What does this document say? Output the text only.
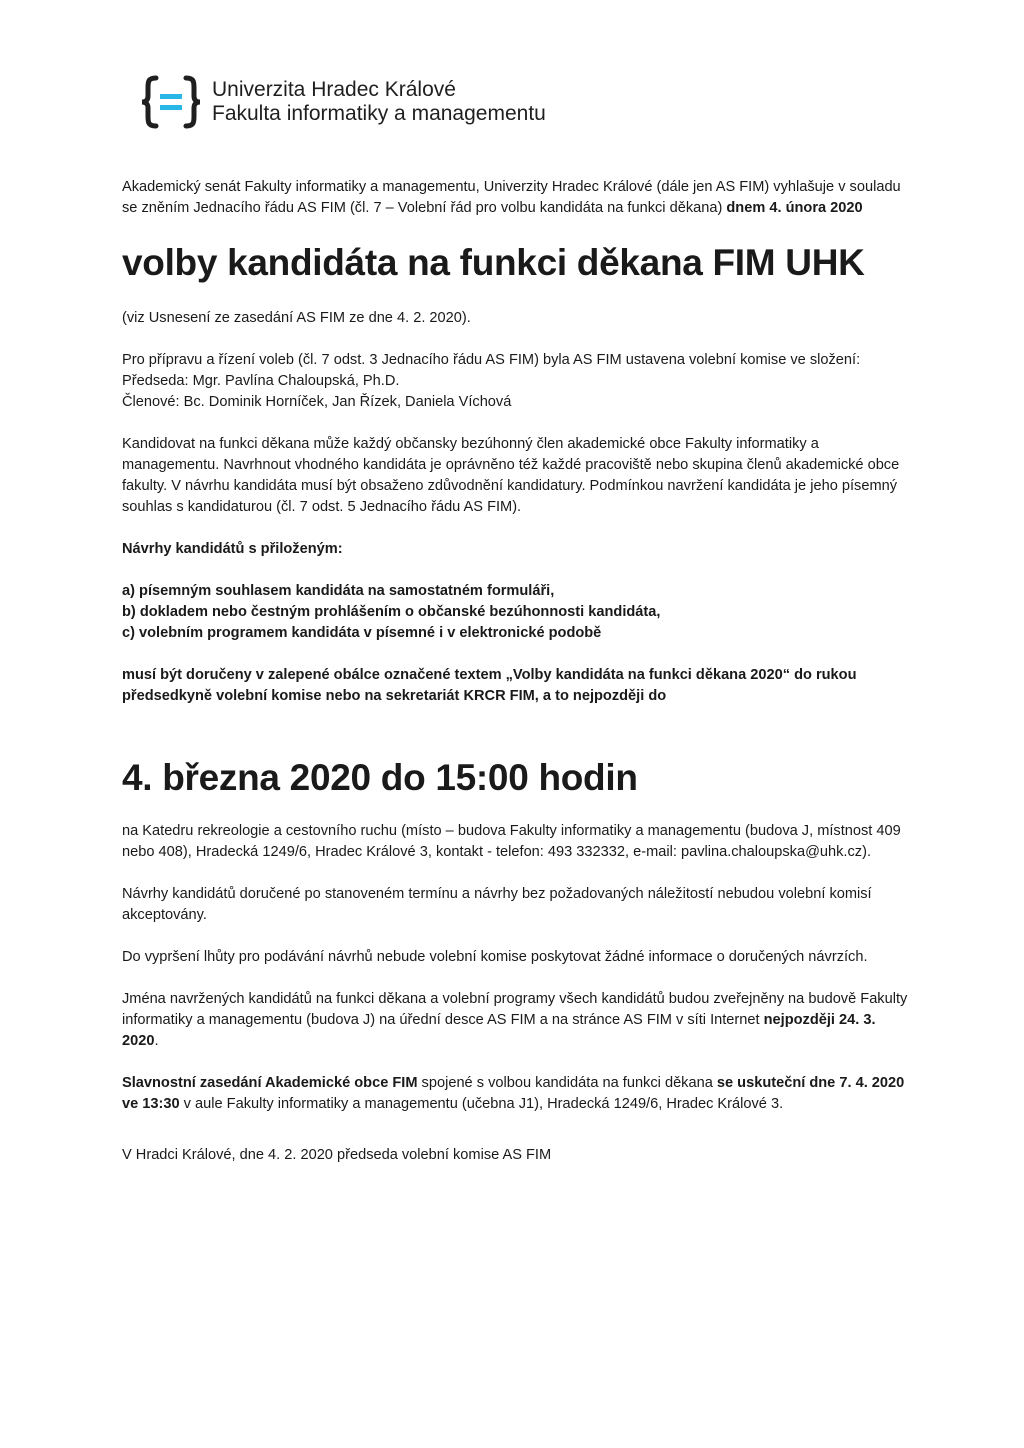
Univerzita Hradec Králové
Fakulta informatiky a managementu

Akademický senát Fakulty informatiky a managementu, Univerzity Hradec Králové (dále jen AS FIM) vyhlašuje v souladu se zněním Jednacího řádu AS FIM (čl. 7 – Volební řád pro volbu kandidáta na funkci děkana) dnem 4. února 2020

volby kandidáta na funkci děkana FIM UHK

(viz Usnesení ze zasedání AS FIM ze dne 4. 2. 2020).

Pro přípravu a řízení voleb (čl. 7 odst. 3 Jednacího řádu AS FIM) byla AS FIM ustavena volební komise ve složení:

Předseda: Mgr. Pavlína Chaloupská, Ph.D.

Členové: Bc. Dominik Horníček, Jan Řízek, Daniela Víchová

Kandidovat na funkci děkana může každý občansky bezúhonný člen akademické obce Fakulty informatiky a managementu. Navrhnout vhodného kandidáta je oprávněno též každé pracoviště nebo skupina členů akademické obce fakulty. V návrhu kandidáta musí být obsaženo zdůvodnění kandidatury. Podmínkou navržení kandidáta je jeho písemný souhlas s kandidaturou (čl. 7 odst. 5 Jednacího řádu AS FIM).

Návrhy kandidátů s přiloženým:

a) písemným souhlasem kandidáta na samostatném formuláři,

b) dokladem nebo čestným prohlášením o občanské bezúhonnosti kandidáta,

c) volebním programem kandidáta v písemné i v elektronické podobě

musí být doručeny v zalepené obálce označené textem „Volby kandidáta na funkci děkana 2020“ do rukou předsedkyně volební komise nebo na sekretariát KRCR FIM, a to nejpozději do

4. března 2020 do 15:00 hodin

na Katedru rekreologie a cestovního ruchu (místo – budova Fakulty informatiky a managementu (budova J, místnost 409 nebo 408), Hradecká 1249/6, Hradec Králové 3, kontakt - telefon: 493 332332, e-mail: pavlina.chaloupska@uhk.cz).

Návrhy kandidátů doručené po stanoveném termínu a návrhy bez požadovaných náležitostí nebudou volební komisí akceptovány.

Do vypršení lhůty pro podávání návrhů nebude volební komise poskytovat žádné informace o doručených návrzích.

Jména navržených kandidátů na funkci děkana a volební programy všech kandidátů budou zveřejněny na budově Fakulty informatiky a managementu (budova J) na úřední desce AS FIM a na stránce AS FIM v síti Internet nejpozději 24. 3. 2020.

Slavnostní zasedání Akademické obce FIM spojené s volbou kandidáta na funkci děkana se uskuteční dne 7. 4. 2020 ve 13:30 v aule Fakulty informatiky a managementu (učebna J1), Hradecká 1249/6, Hradec Králové 3.

V Hradci Králové, dne 4. 2. 2020 předseda volební komise AS FIM
